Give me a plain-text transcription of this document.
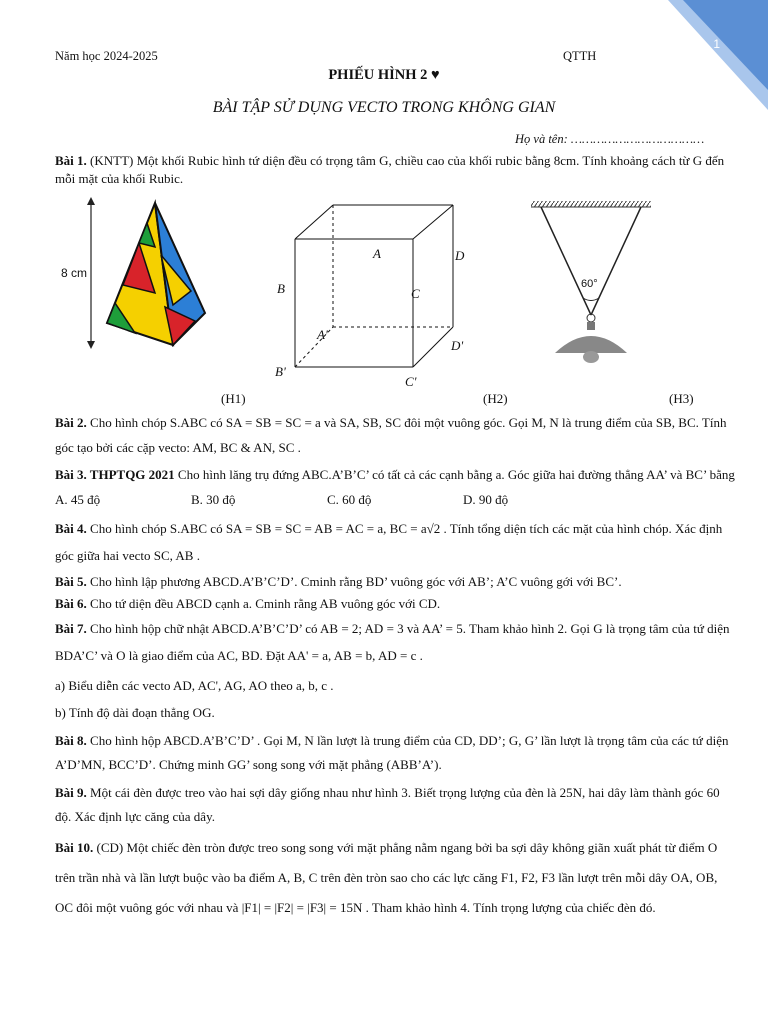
1
Năm học 2024-2025	QTTH
PHIẾU HÌNH 2 ♥
BÀI TẬP SỬ DỤNG VECTO TRONG KHÔNG GIAN
Họ và tên: ………………………………

Bài 1. (KNTT) Một khối Rubic hình tứ diện đều có trọng tâm G, chiều cao của khối rubic bằng 8cm. Tính khoảng cách từ G đến mỗi mặt của khối Rubic.

8 cm
(H1)
A	D
B	C
A'
D'
B'
C'
(H2)
60°
(H3)

Bài 2. Cho hình chóp S.ABC có SA = SB = SC = a và SA, SB, SC đôi một vuông góc. Gọi M, N là trung điểm của SB, BC. Tính góc tạo bởi các cặp vecto: AM, BC & AN, SC .

Bài 3. THPTQG 2021 Cho hình lăng trụ đứng ABC.A’B’C’ có tất cả các cạnh bằng a. Góc giữa hai đường thẳng AA’ và BC’ bằng

A. 45 độ	B. 30 độ	C. 60 độ	D. 90 độ

Bài 4. Cho hình chóp S.ABC có SA = SB = SC = AB = AC = a, BC = a√2 . Tính tổng diện tích các mặt của hình chóp. Xác định góc giữa hai vecto SC, AB .

Bài 5. Cho hình lập phương ABCD.A’B’C’D’. Cminh rằng BD’ vuông góc với AB’; A’C vuông gới với BC’.

Bài 6. Cho tứ diện đều ABCD cạnh a. Cminh rằng AB vuông góc với CD.

Bài 7. Cho hình hộp chữ nhật ABCD.A’B’C’D’ có AB = 2; AD = 3 và AA’ = 5. Tham khảo hình 2. Gọi G là trọng tâm của tứ diện BDA’C’ và O là giao điểm của AC, BD. Đặt AA' = a, AB = b, AD = c .

a) Biểu diễn các vecto AD, AC', AG, AO theo a, b, c .

b) Tính độ dài đoạn thẳng OG.

Bài 8. Cho hình hộp ABCD.A’B’C’D’ . Gọi M, N lần lượt là trung điểm của CD, DD’; G, G’ lần lượt là trọng tâm của các tứ diện A’D’MN, BCC’D’. Chứng minh GG’ song song với mặt phẳng (ABB’A’).

Bài 9. Một cái đèn được treo vào hai sợi dây giống nhau như hình 3. Biết trọng lượng của đèn là 25N, hai dây làm thành góc 60 độ. Xác định lực căng của dây.

Bài 10. (CD) Một chiếc đèn tròn được treo song song với mặt phẳng nằm ngang bởi ba sợi dây không giãn xuất phát từ điểm O trên trần nhà và lần lượt buộc vào ba điểm A, B, C trên đèn tròn sao cho các lực căng F1, F2, F3 lần lượt trên mỗi dây OA, OB, OC đôi một vuông góc với nhau và |F1| = |F2| = |F3| = 15N . Tham khảo hình 4. Tính trọng lượng của chiếc đèn đó.
